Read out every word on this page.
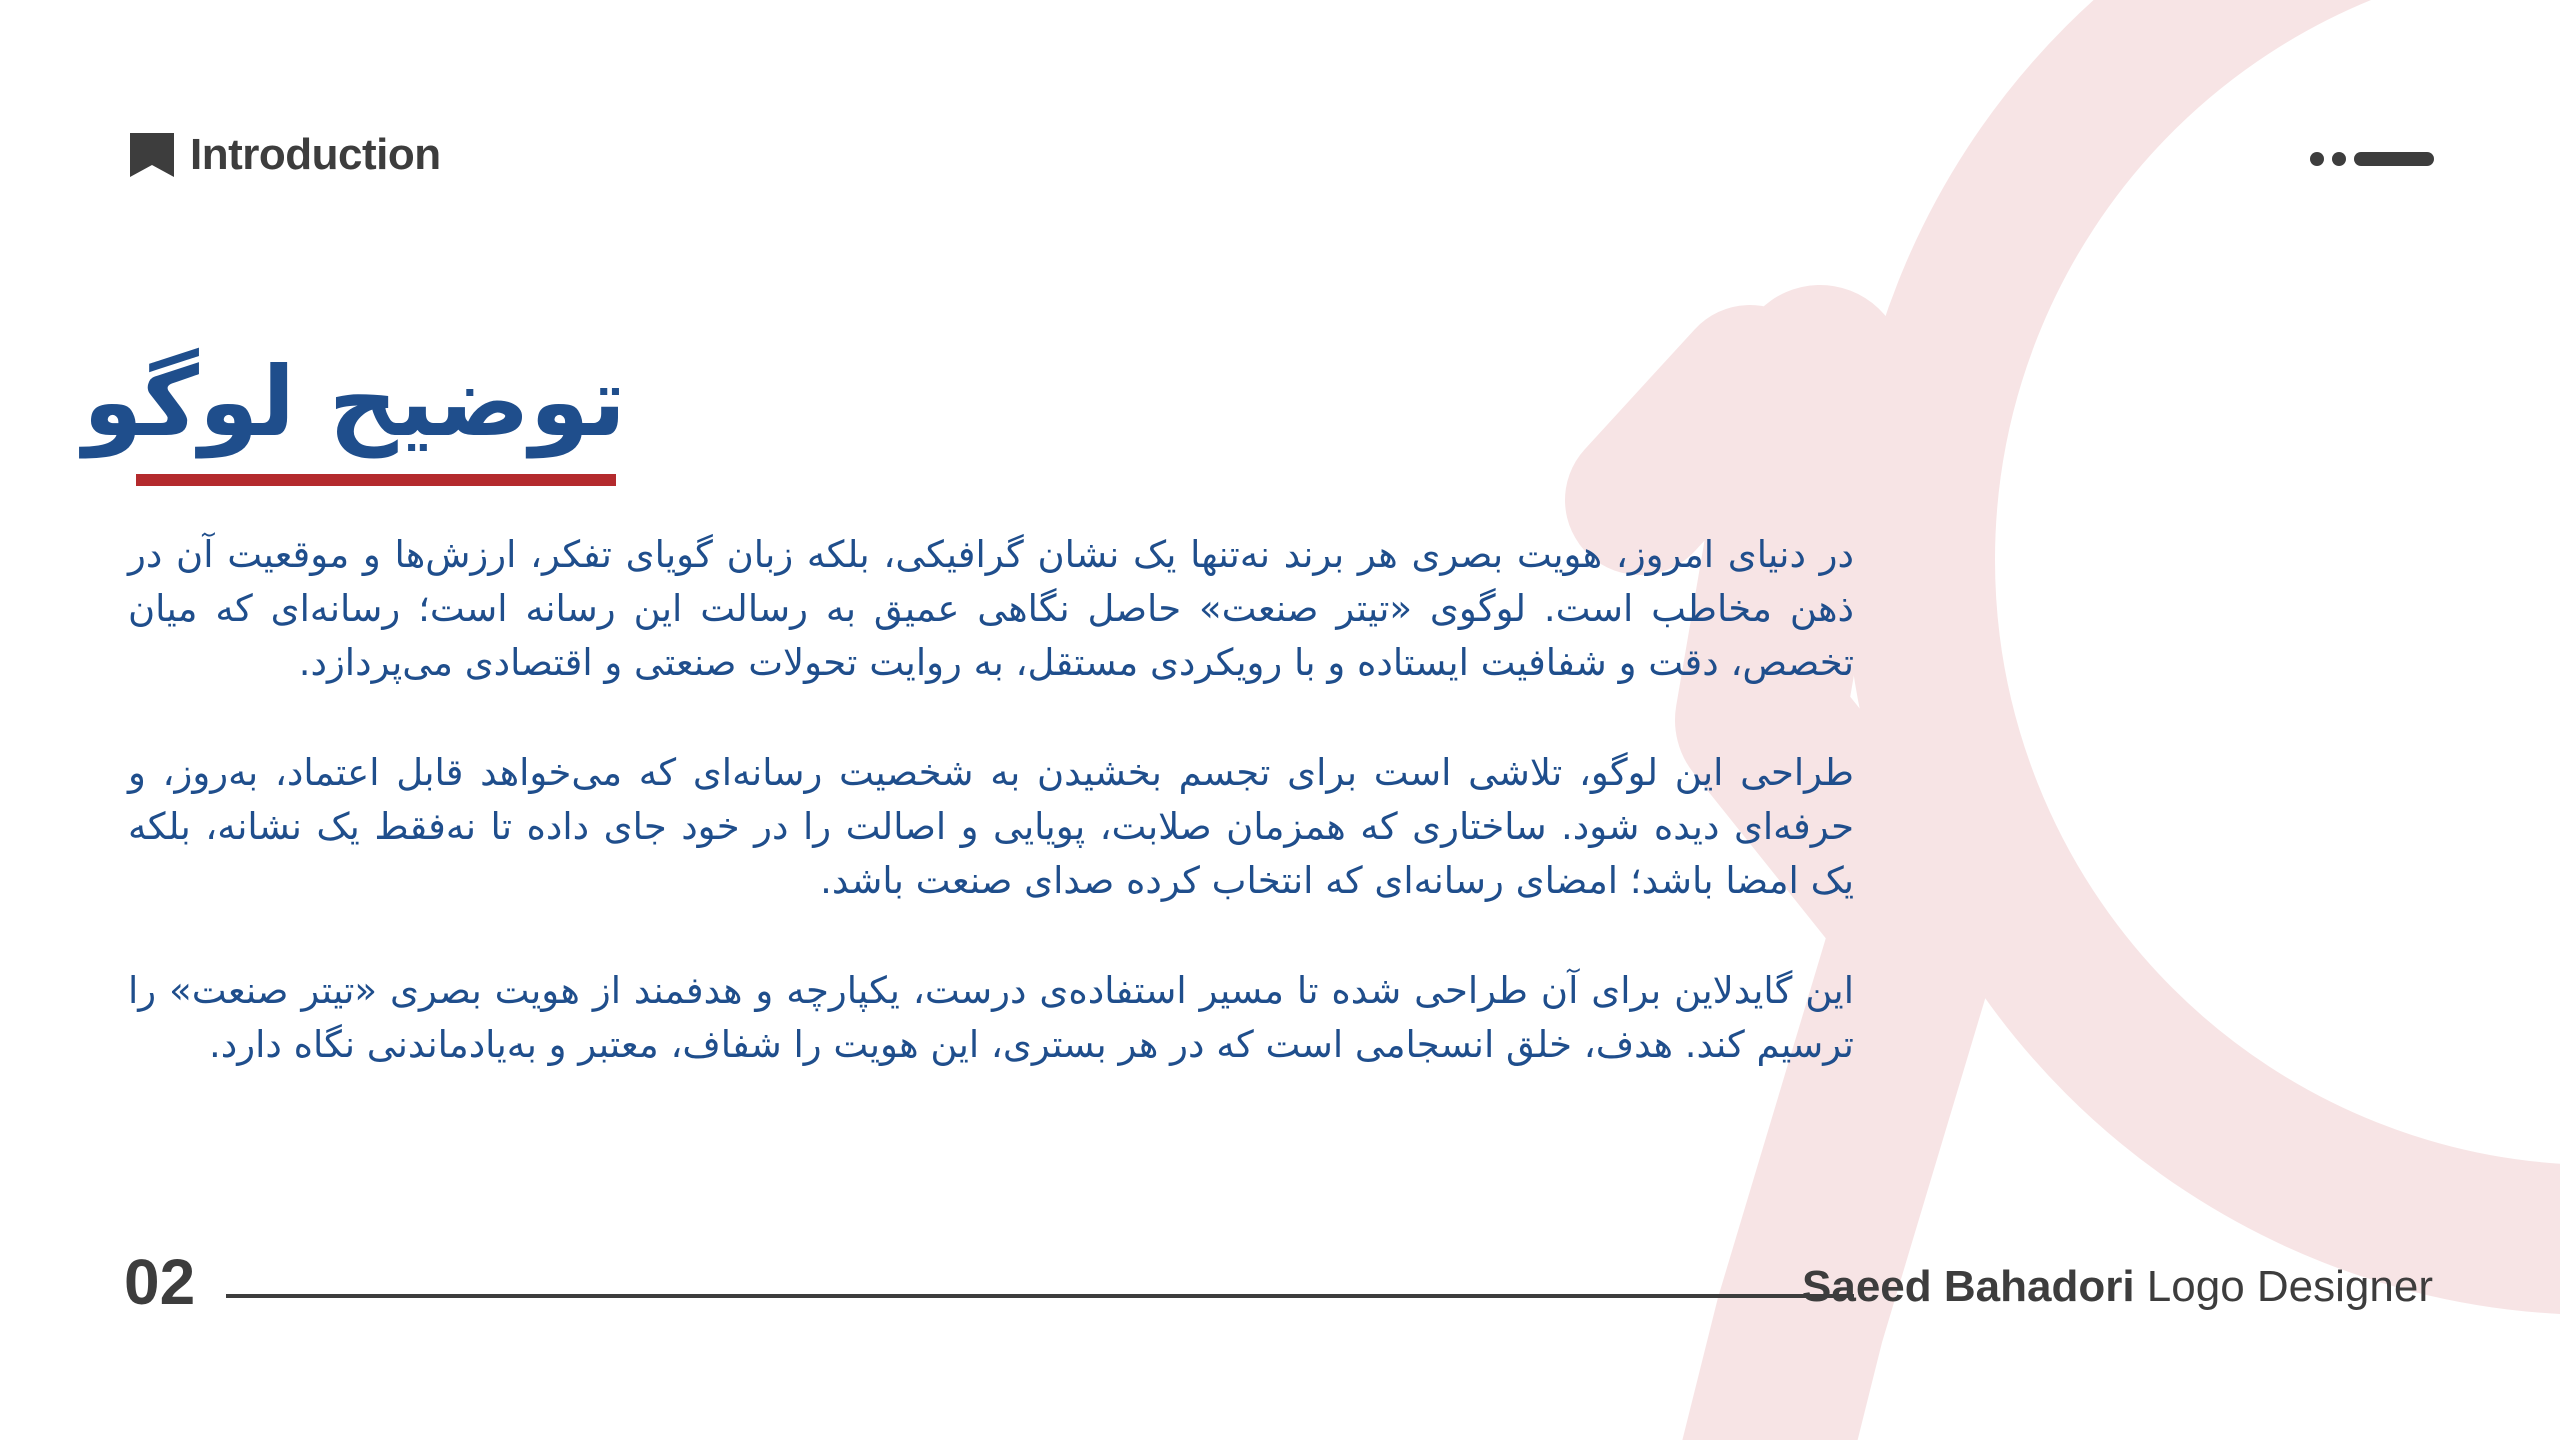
Introduction
توضیح لوگو

در دنیای امروز، هویت بصری هر برند نه‌تنها یک نشان گرافیکی، بلکه زبان گویای تفکر، ارزش‌ها و موقعیت آن در ذهن مخاطب است. لوگوی «تیتر صنعت» حاصل نگاهی عمیق به رسالت این رسانه است؛ رسانه‌ای که میان تخصص، دقت و شفافیت ایستاده و با رویکردی مستقل، به روایت تحولات صنعتی و اقتصادی می‌پردازد.

طراحی این لوگو، تلاشی است برای تجسم بخشیدن به شخصیت رسانه‌ای که می‌خواهد قابل اعتماد، به‌روز، و حرفه‌ای دیده شود. ساختاری که همزمان صلابت، پویایی و اصالت را در خود جای داده تا نه‌فقط یک نشانه، بلکه یک امضا باشد؛ امضای رسانه‌ای که انتخاب کرده صدای صنعت باشد.

این گایدلاین برای آن طراحی شده تا مسیر استفاده‌ی درست، یکپارچه و هدفمند از هویت بصری «تیتر صنعت» را ترسیم کند. هدف، خلق انسجامی است که در هر بستری، این هویت را شفاف، معتبر و به‌یادماندنی نگاه دارد.

02	Saeed Bahadori Logo Designer
